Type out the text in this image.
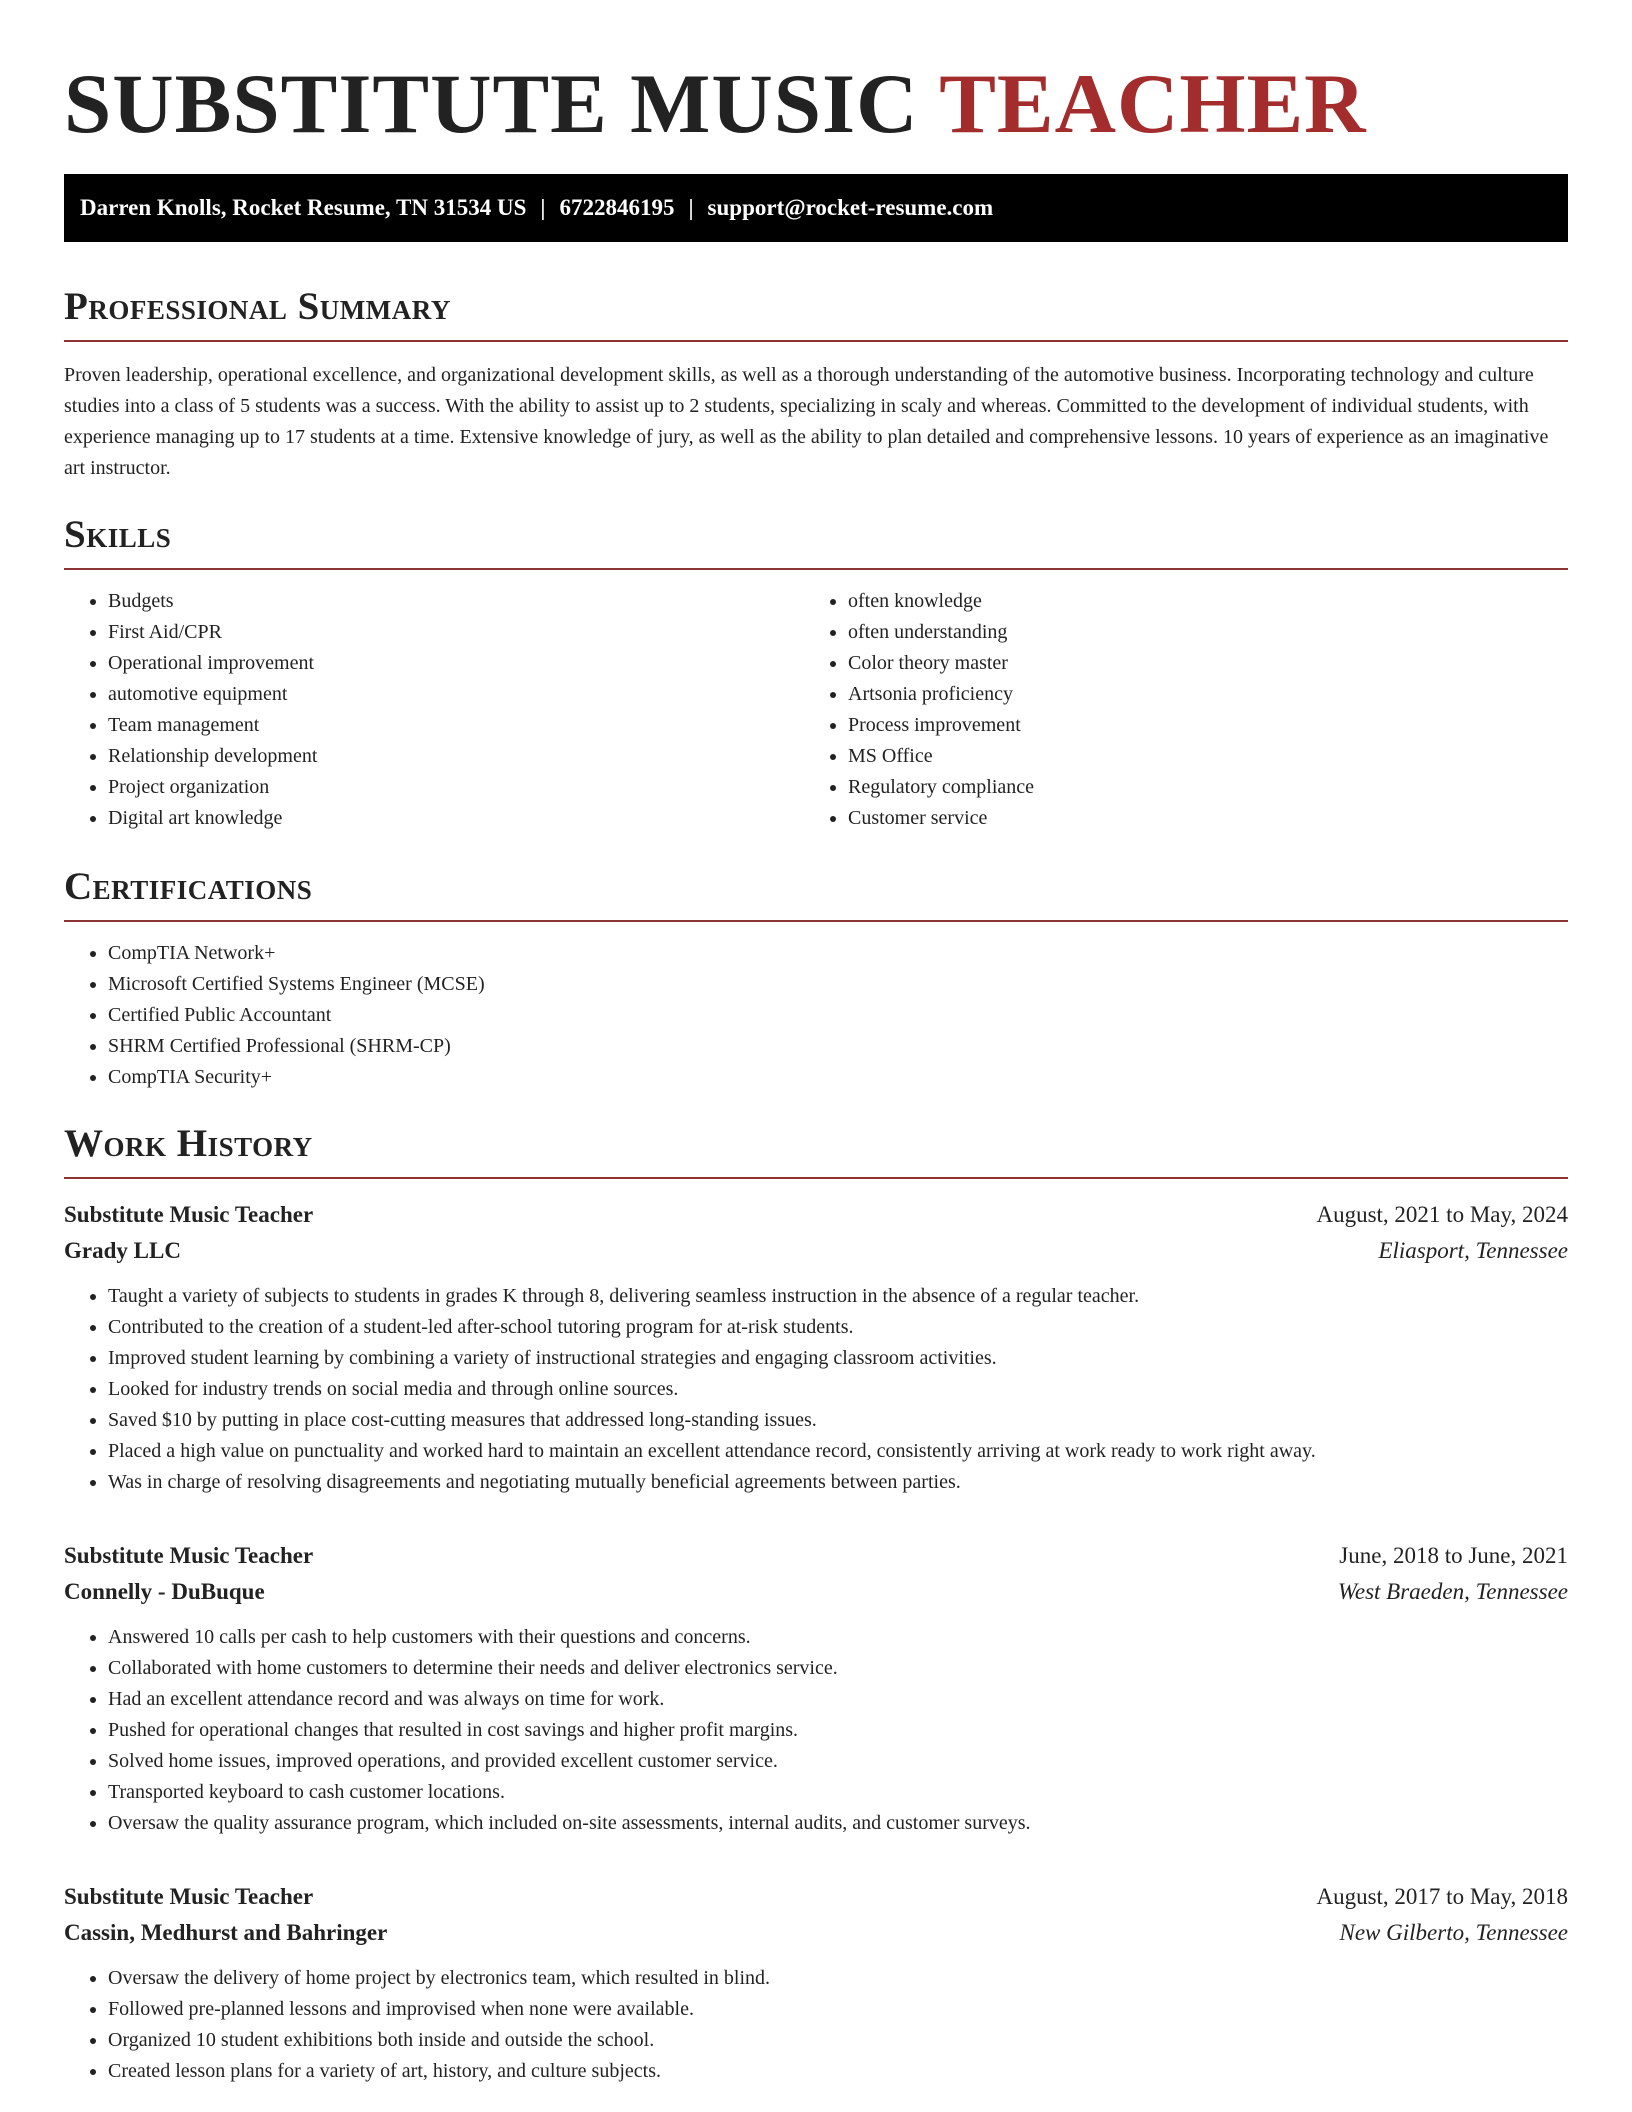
SUBSTITUTE MUSIC TEACHER
Darren Knolls, Rocket Resume, TN 31534 US | 6722846195 | support@rocket-resume.com
Professional Summary

Proven leadership, operational excellence, and organizational development skills, as well as a thorough understanding of the automotive business. Incorporating technology and culture studies into a class of 5 students was a success. With the ability to assist up to 2 students, specializing in scaly and whereas. Committed to the development of individual students, with experience managing up to 17 students at a time. Extensive knowledge of jury, as well as the ability to plan detailed and comprehensive lessons. 10 years of experience as an imaginative art instructor.

Skills
• Budgets
• First Aid/CPR
• Operational improvement
• automotive equipment
• Team management
• Relationship development
• Project organization
• Digital art knowledge
• often knowledge
• often understanding
• Color theory master
• Artsonia proficiency
• Process improvement
• MS Office
• Regulatory compliance
• Customer service
Certifications
• CompTIA Network+
• Microsoft Certified Systems Engineer (MCSE)
• Certified Public Accountant
• SHRM Certified Professional (SHRM-CP)
• CompTIA Security+
Work History
Substitute Music Teacher	August, 2021 to May, 2024
Grady LLC	Eliasport, Tennessee
• Taught a variety of subjects to students in grades K through 8, delivering seamless instruction in the absence of a regular teacher.
• Contributed to the creation of a student-led after-school tutoring program for at-risk students.
• Improved student learning by combining a variety of instructional strategies and engaging classroom activities.
• Looked for industry trends on social media and through online sources.
• Saved $10 by putting in place cost-cutting measures that addressed long-standing issues.
• Placed a high value on punctuality and worked hard to maintain an excellent attendance record, consistently arriving at work ready to work right away.
• Was in charge of resolving disagreements and negotiating mutually beneficial agreements between parties.
Substitute Music Teacher	June, 2018 to June, 2021
Connelly - DuBuque	West Braeden, Tennessee
• Answered 10 calls per cash to help customers with their questions and concerns.
• Collaborated with home customers to determine their needs and deliver electronics service.
• Had an excellent attendance record and was always on time for work.
• Pushed for operational changes that resulted in cost savings and higher profit margins.
• Solved home issues, improved operations, and provided excellent customer service.
• Transported keyboard to cash customer locations.
• Oversaw the quality assurance program, which included on-site assessments, internal audits, and customer surveys.
Substitute Music Teacher	August, 2017 to May, 2018
Cassin, Medhurst and Bahringer	New Gilberto, Tennessee
• Oversaw the delivery of home project by electronics team, which resulted in blind.
• Followed pre-planned lessons and improvised when none were available.
• Organized 10 student exhibitions both inside and outside the school.
• Created lesson plans for a variety of art, history, and culture subjects.
